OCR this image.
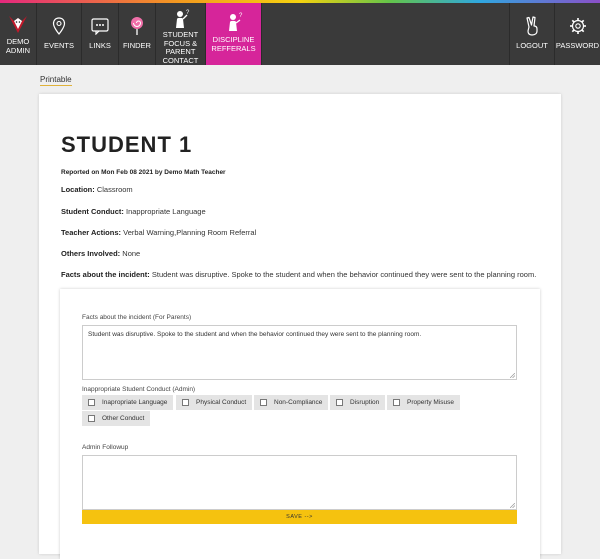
DEMO ADMIN	EVENTS LINKS FINDER
?
STUDENT FOCUS & PARENT CONTACT
?
DISCIPLINE REFFERALS	LOGOUT PASSWORD
Printable
STUDENT 1
Reported on Mon Feb 08 2021 by Demo Math Teacher
Location: Classroom
Student Conduct: Inappropriate Language
Teacher Actions: Verbal Warning,Planning Room Referral
Others Involved: None
Facts about the incident: Student was disruptive. Spoke to the student and when the behavior continued they were sent to the planning room.
Facts about the incident (For Parents)
Student was disruptive. Spoke to the student and when the behavior continued they were sent to the planning room.
Inappropriate Student Conduct (Admin)
Inapropriate Language	Physical Conduct	Non-Compliance	Disruption	Property Misuse
Other Conduct
Admin Followup
SAVE -->
